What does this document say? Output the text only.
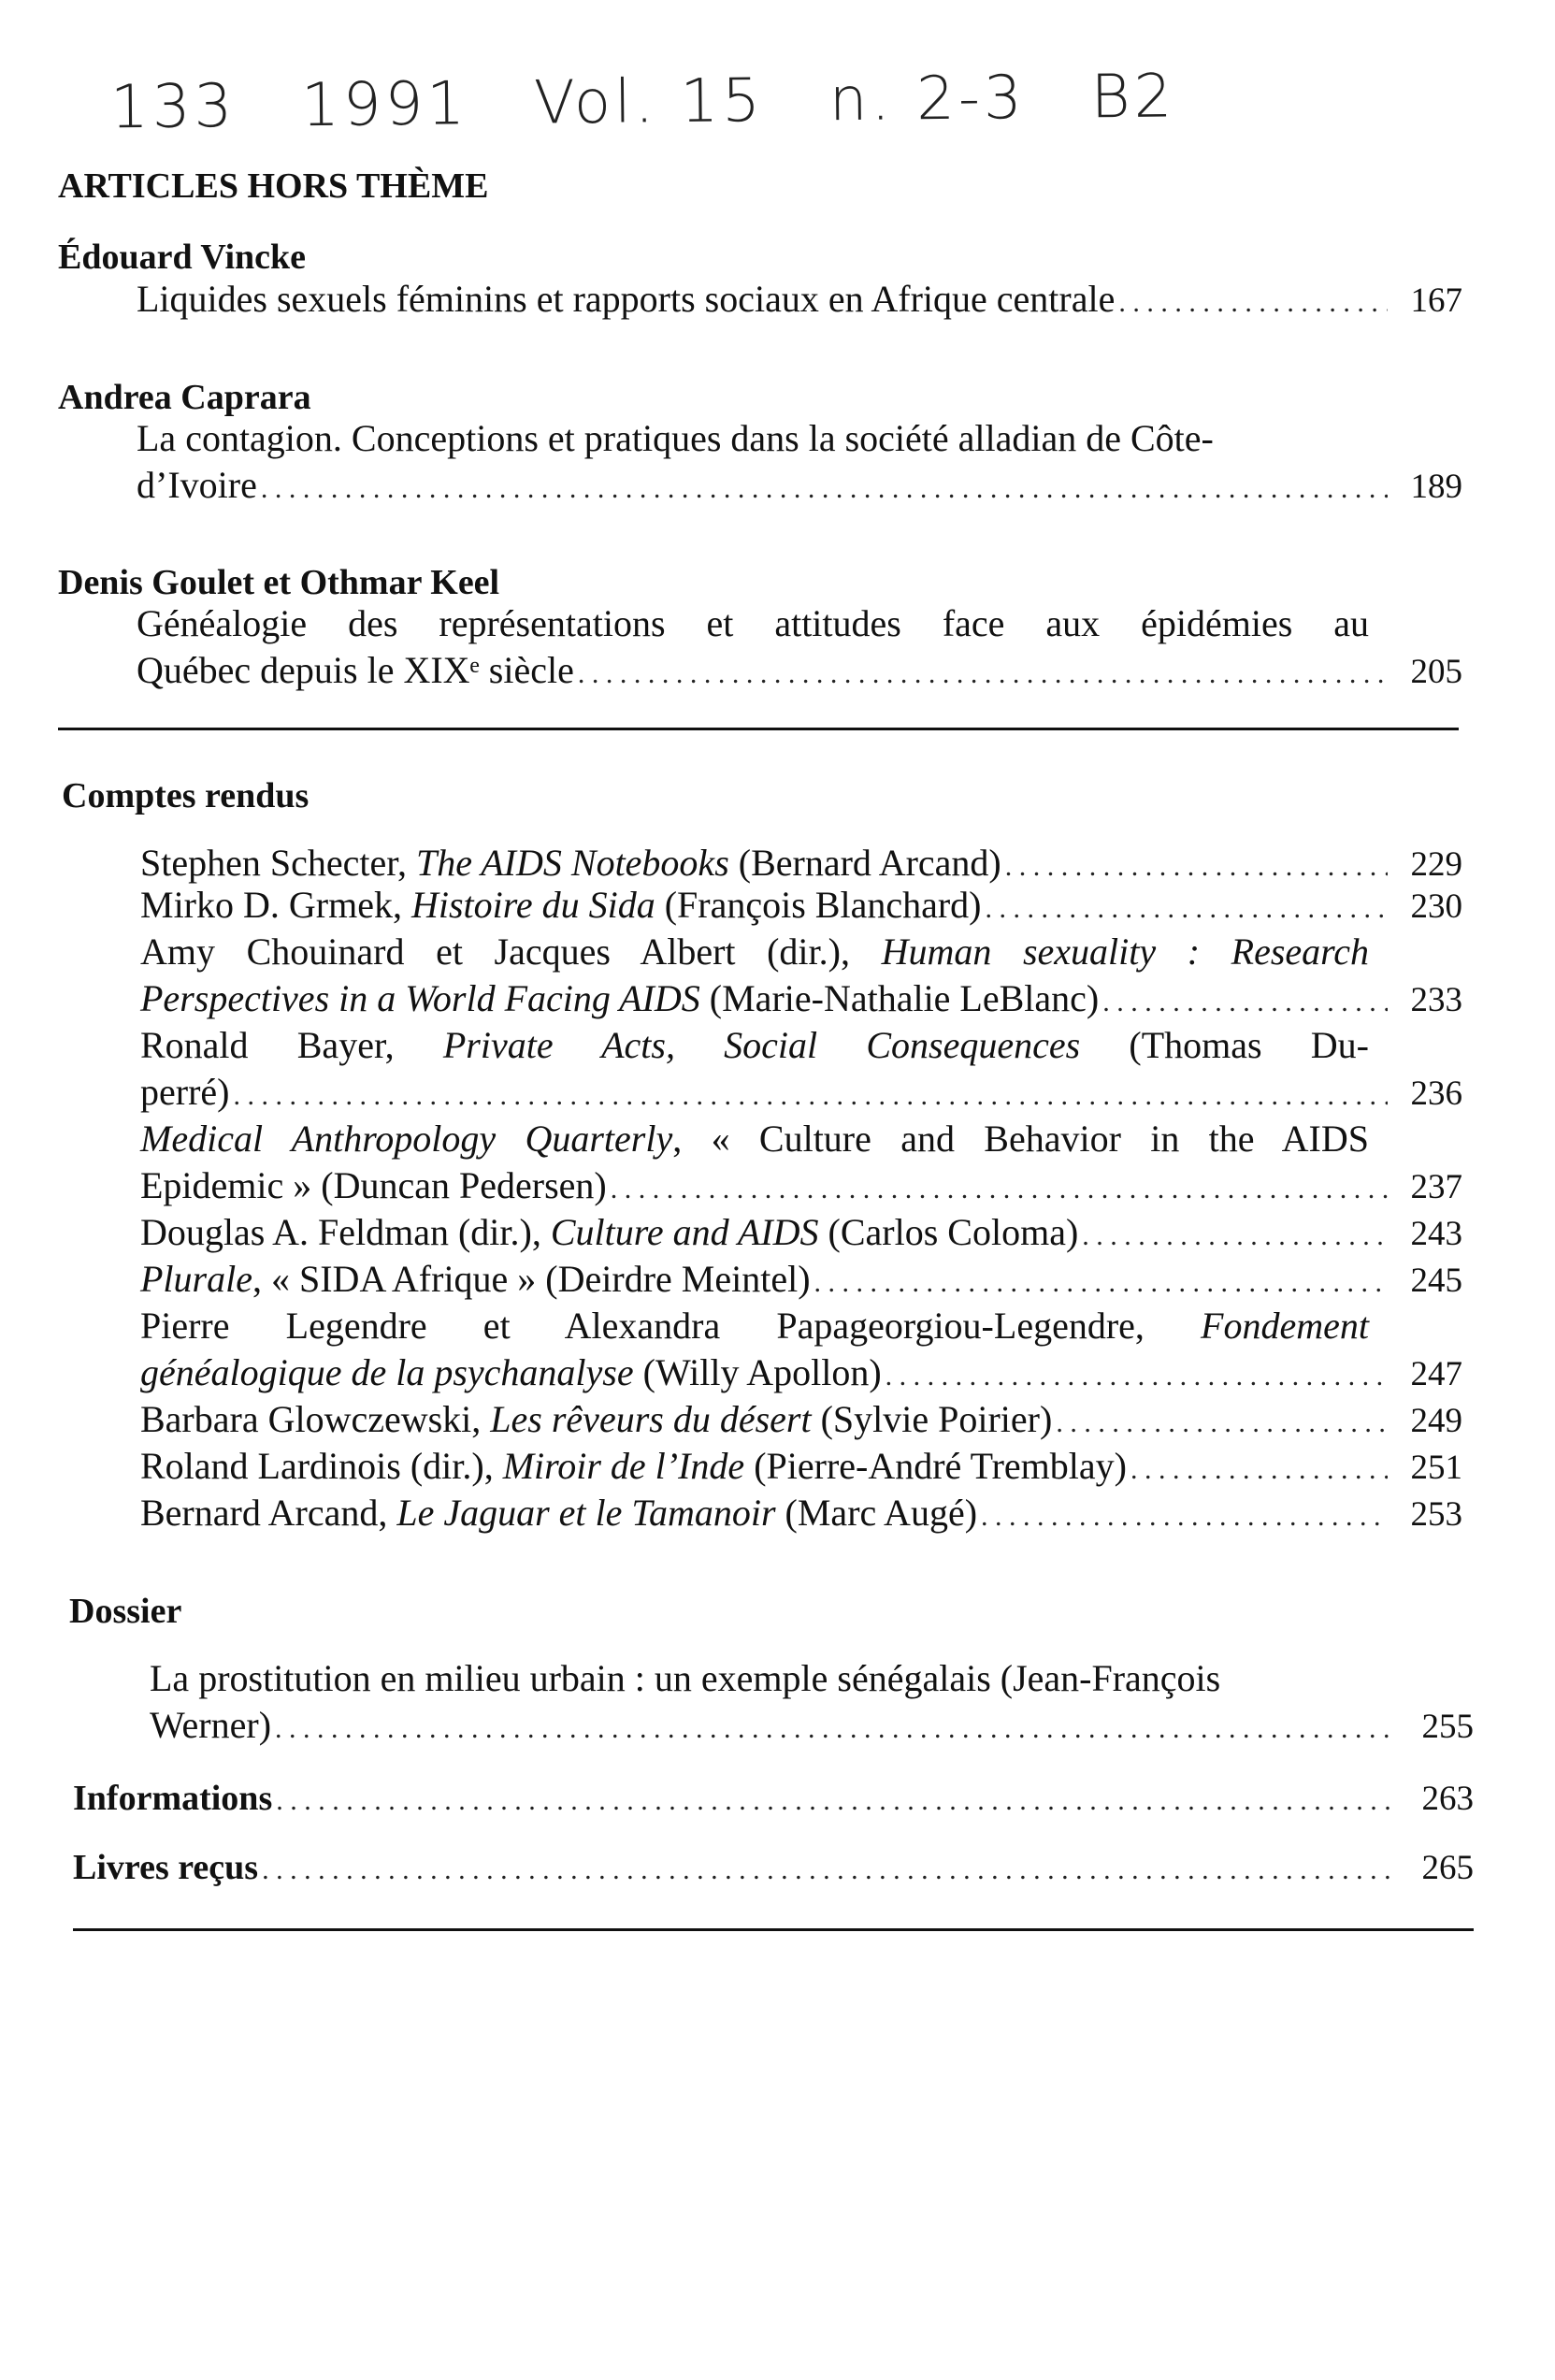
133 1991 Vol. 15 n. 2-3 B2
ARTICLES HORS THÈME
Édouard Vincke
Liquides sexuels féminins et rapports sociaux en Afrique centrale . . .	167
Andrea Caprara
La contagion. Conceptions et pratiques dans la société alladian de Côte-
d’Ivoire . . .	189
Denis Goulet et Othmar Keel
Généalogie des représentations et attitudes face aux épidémies au
Québec depuis le XIXᵉ siècle . . .	205
Comptes rendus
Stephen Schecter, The AIDS Notebooks (Bernard Arcand) . . .	229
Mirko D. Grmek, Histoire du Sida (François Blanchard) . . .	230
Amy Chouinard et Jacques Albert (dir.), Human sexuality : Research
Perspectives in a World Facing AIDS (Marie-Nathalie LeBlanc) . . .	233
Ronald Bayer, Private Acts, Social Consequences (Thomas Du-
perré) . . .	236
Medical Anthropology Quarterly, « Culture and Behavior in the AIDS
Epidemic » (Duncan Pedersen) . . .	237
Douglas A. Feldman (dir.), Culture and AIDS (Carlos Coloma) . . .	243
Plurale, « SIDA Afrique » (Deirdre Meintel) . . .	245
Pierre Legendre et Alexandra Papageorgiou-Legendre, Fondement
généalogique de la psychanalyse (Willy Apollon) . . .	247
Barbara Glowczewski, Les rêveurs du désert (Sylvie Poirier) . . .	249
Roland Lardinois (dir.), Miroir de l’Inde (Pierre-André Tremblay) . . .	251
Bernard Arcand, Le Jaguar et le Tamanoir (Marc Augé) . . .	253
Dossier
La prostitution en milieu urbain : un exemple sénégalais (Jean-François
Werner) . . .	255
Informations . . .	263
Livres reçus . . .	265
